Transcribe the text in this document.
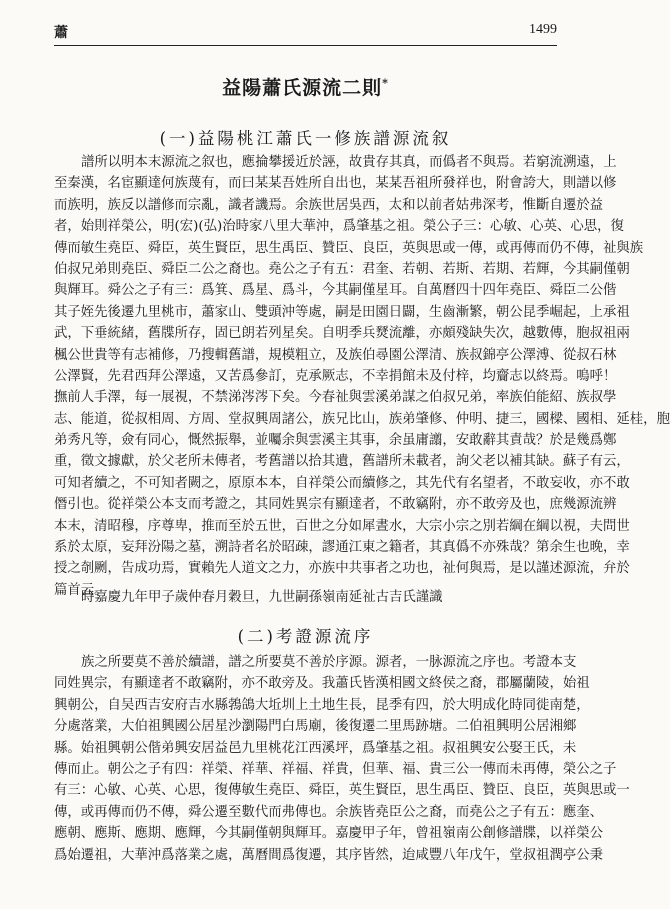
蕭	1499
益陽蕭氏源流二則*
(一)益陽桃江蕭氏一修族譜源流叙

譜所以明本末源流之叙也，應掄攀援近於誣，故貴存其真，而僞者不與焉。若窮流溯遠，上
至秦漢，名宦顯達何族蔑有，而曰某某吾姓所自出也，某某吾祖所發祥也，附會誇大，則譜以修
而族明，族反以譜修而宗亂，識者譏焉。余族世居吳西，太和以前者姑弗深考，惟斷自遷於益
者，始則祥榮公，明(宏)(弘)治時家八里大華沖，爲肇基之祖。榮公子三：心敏、心英、心思，復
傳而敏生堯臣、舜臣，英生賢臣，思生禹臣、贊臣、良臣，英與思或一傳，或再傳而仍不傳，祉與族
伯叔兄弟則堯臣、舜臣二公之裔也。堯公之子有五：君奎、若朝、若斯、若期、若輝，今其嗣僅朝
與輝耳。舜公之子有三：爲箕、爲星、爲斗，今其嗣僅星耳。自萬曆四十四年堯臣、舜臣二公偕
其子姪先後遷九里桃市，蕭家山、雙頭沖等處，嗣是田園日闢，生齒漸繁，朝公昆季崛起，上承祖
武，下垂統緒，舊牒所存，固已朗若列星矣。自明季兵燹流離，亦頗殘缺失次，越數傳，胞叔祖兩
楓公世貴等有志補修，乃搜輯舊譜，規模粗立，及族伯尋園公澤清、族叔錦亭公澤溥、從叔石林
公澤賢，先君西拜公澤遠，又苦爲參訂，克承厥志，不幸捐館未及付梓，均齎志以終焉。嗚呼！
撫前人手澤，每一展視，不禁涕涔涔下矣。今春祉與雲溪弟謀之伯叔兄弟，率族伯能紹、族叔學
志、能道，從叔相周、方周、堂叔興周諸公，族兄比山，族弟肇修、仲明、捷三，國樑、國相、延桂，胞
弟秀凡等，僉有同心，慨然振舉，並囑余與雲溪主其事，余虽庸譾，安敢辭其責哉？於是幾爲鄭
重，徵文據獻，於父老所未傳者，考舊譜以拾其遺，舊譜所未載者，詢父老以補其缺。蘇子有云，
可知者續之，不可知者闕之，原原本本，自祥榮公而續修之，其先代有名望者，不敢妄收，亦不敢
僭引也。從祥榮公本支而考證之，其同姓異宗有顯達者，不敢竊附，亦不敢旁及也，庶幾源流辨
本末，清昭穆，序尊卑，推而至於五世，百世之分如犀晝水，大宗小宗之別若綱在綱以視，夫問世
系於太原，妄拜汾陽之墓，溯詩者名於昭疎，謬通江東之籍者，其真僞不亦殊哉？第余生也晚，幸
授之剞劂，告成功焉，實賴先人道文之力，亦族中共事者之功也，祉何與焉，是以謹述源流，弁於
篇首云。

時嘉慶九年甲子歲仲春月穀旦，九世嗣孫嶺南延祉古吉氏謹識
(二)考證源流序

族之所要莫不善於續譜，譜之所要莫不善於序源。源者，一脉源流之序也。考證本支
同姓異宗，有顯達者不敢竊附，亦不敢旁及。我蕭氏皆漢相國文終侯之裔，郡屬蘭陵，始祖
興朝公，自吴西吉安府吉水縣鵓鴿大坵圳上土地生長，昆季有四，於大明成化時同徙南楚，
分處落業，大伯祖興國公居星沙瀏陽門白馬廟，後復遷二里馬跡塘。二伯祖興明公居湘鄉
縣。始祖興朝公偕弟興安居益邑九里桃花江西溪坪，爲肇基之祖。叔祖興安公娶王氏，未
傳而止。朝公之子有四：祥榮、祥華、祥福、祥貴，但華、福、貴三公一傳而未再傳，榮公之子
有三：心敏、心英、心思，復傳敏生堯臣、舜臣，英生賢臣，思生禹臣、贊臣、良臣，英與思或一
傳，或再傳而仍不傳，舜公遷至數代而弗傳也。余族皆堯臣公之裔，而堯公之子有五：應奎、
應朝、應斯、應期、應輝，今其嗣僅朝與輝耳。嘉慶甲子年，曾祖嶺南公創修譜牒，以祥榮公
爲始遷祖，大華沖爲落業之處，萬曆間爲復遷，其序皆然，迨咸豐八年戊午，堂叔祖潤亭公秉
